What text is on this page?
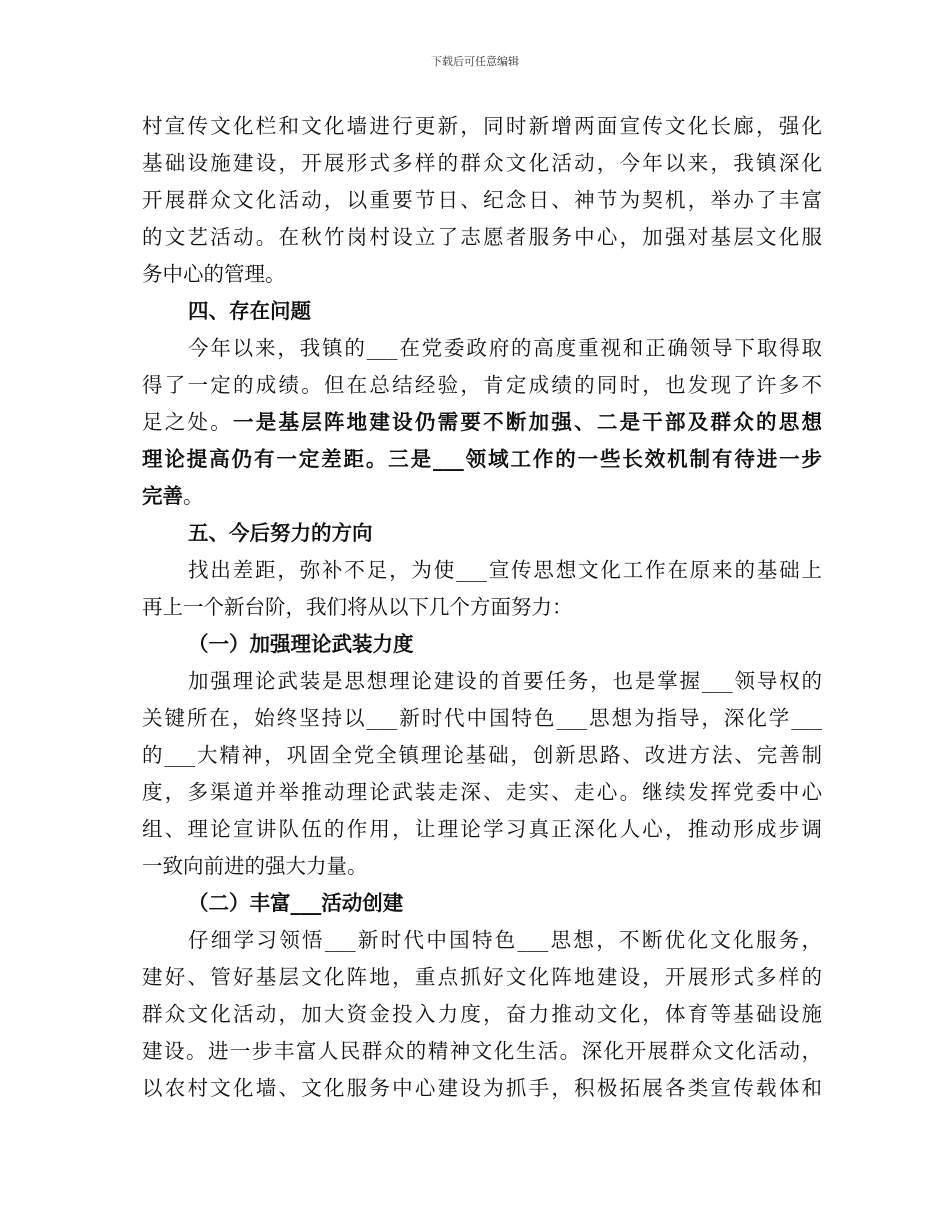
下载后可任意编辑
村宣传文化栏和文化墙进行更新，同时新增两面宣传文化长廊，强化
基础设施建设，开展形式多样的群众文化活动，今年以来，我镇深化
开展群众文化活动，以重要节日、纪念日、神节为契机，举办了丰富
的文艺活动。在秋竹岗村设立了志愿者服务中心，加强对基层文化服
务中心的管理。
四、存在问题
今年以来，我镇的___在党委政府的高度重视和正确领导下取得取
得了一定的成绩。但在总结经验，肯定成绩的同时，也发现了许多不
足之处。一是基层阵地建设仍需要不断加强、二是干部及群众的思想
理论提高仍有一定差距。三是___领域工作的一些长效机制有待进一步
完善。
五、今后努力的方向
找出差距，弥补不足，为使___宣传思想文化工作在原来的基础上
再上一个新台阶，我们将从以下几个方面努力：
（一）加强理论武装力度
加强理论武装是思想理论建设的首要任务，也是掌握___领导权的
关键所在，始终坚持以___新时代中国特色___思想为指导，深化学___
的___大精神，巩固全党全镇理论基础，创新思路、改进方法、完善制
度，多渠道并举推动理论武装走深、走实、走心。继续发挥党委中心
组、理论宣讲队伍的作用，让理论学习真正深化人心，推动形成步调
一致向前进的强大力量。
（二）丰富___活动创建
仔细学习领悟___新时代中国特色___思想，不断优化文化服务，
建好、管好基层文化阵地，重点抓好文化阵地建设，开展形式多样的
群众文化活动，加大资金投入力度，奋力推动文化，体育等基础设施
建设。进一步丰富人民群众的精神文化生活。深化开展群众文化活动，
以农村文化墙、文化服务中心建设为抓手，积极拓展各类宣传载体和
